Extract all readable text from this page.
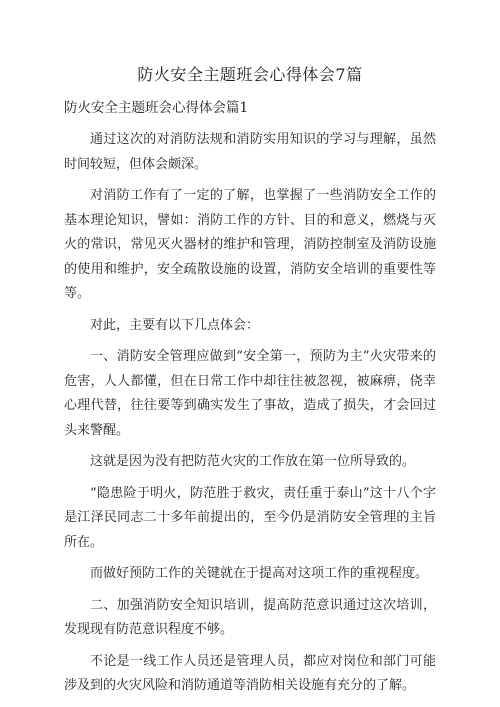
防火安全主题班会心得体会7篇
防火安全主题班会心得体会篇1

通过这次的对消防法规和消防实用知识的学习与理解，虽然时间较短，但体会颇深。

对消防工作有了一定的了解，也掌握了一些消防安全工作的基本理论知识，譬如：消防工作的方针、目的和意义，燃烧与灭火的常识，常见灭火器材的维护和管理，消防控制室及消防设施的使用和维护，安全疏散设施的设置，消防安全培训的重要性等等。

对此，主要有以下几点体会：

一、消防安全管理应做到“安全第一，预防为主”火灾带来的危害，人人都懂，但在日常工作中却往往被忽视，被麻痹，侥幸心理代替，往往要等到确实发生了事故，造成了损失，才会回过头来警醒。

这就是因为没有把防范火灾的工作放在第一位所导致的。

“隐患险于明火，防范胜于救灾，责任重于泰山”这十八个字是江泽民同志二十多年前提出的，至今仍是消防安全管理的主旨所在。

而做好预防工作的关键就在于提高对这项工作的重视程度。

二、加强消防安全知识培训，提高防范意识通过这次培训，发现现有防范意识程度不够。

不论是一线工作人员还是管理人员，都应对岗位和部门可能涉及到的火灾风险和消防通道等消防相关设施有充分的了解。
